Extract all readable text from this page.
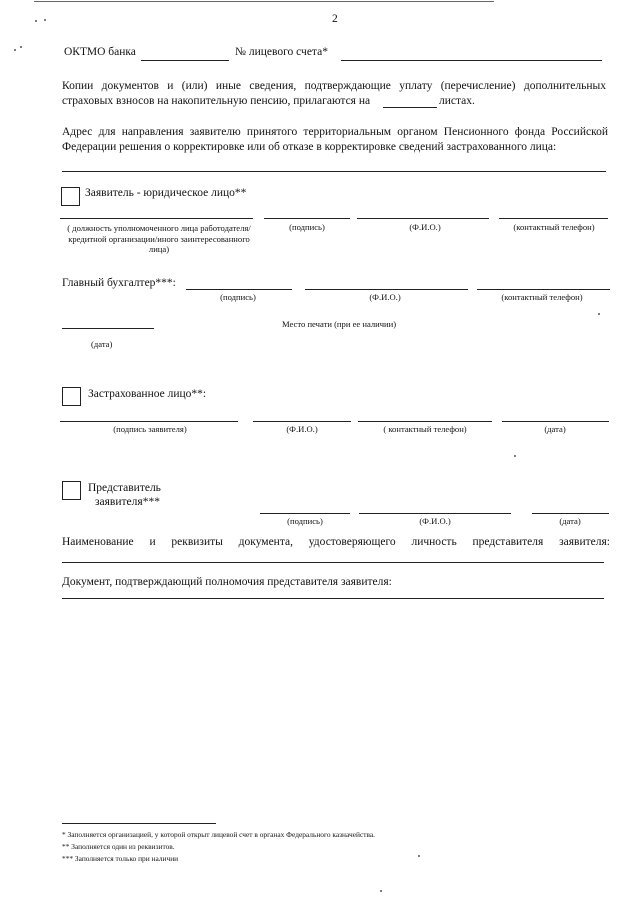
2
ОКТМО банка	№ лицевого счета*
Копии документов и (или) иные сведения, подтверждающие уплату (перечисление) дополнительных
страховых взносов на накопительную пенсию, прилагаются на	листах.
Адрес для направления заявителю принятого территориальным органом Пенсионного фонда Российской
Федерации решения о корректировке или об отказе в корректировке сведений застрахованного лица:
Заявитель - юридическое лицо**
( должность уполномоченного лица работодателя/ кредитной организации/иного заинтересованного лица)
(подпись)	(Ф.И.О.)	(контактный телефон)
Главный бухгалтер***:
(подпись)	(Ф.И.О.)	(контактный телефон)
Место печати (при ее наличии)
(дата)
Застрахованное лицо**:
(подпись заявителя)	(Ф.И.О.)	( контактный телефон)	(дата)
Представитель
заявителя***
(подпись)	(Ф.И.О.)	(дата)
Наименование и реквизиты документа, удостоверяющего личность представителя заявителя:
Документ, подтверждающий полномочия представителя заявителя:
* Заполняется организацией, у которой открыт лицевой счет в органах Федерального казначейства.
** Заполняется один из реквизитов.
*** Заполняется только при наличии
